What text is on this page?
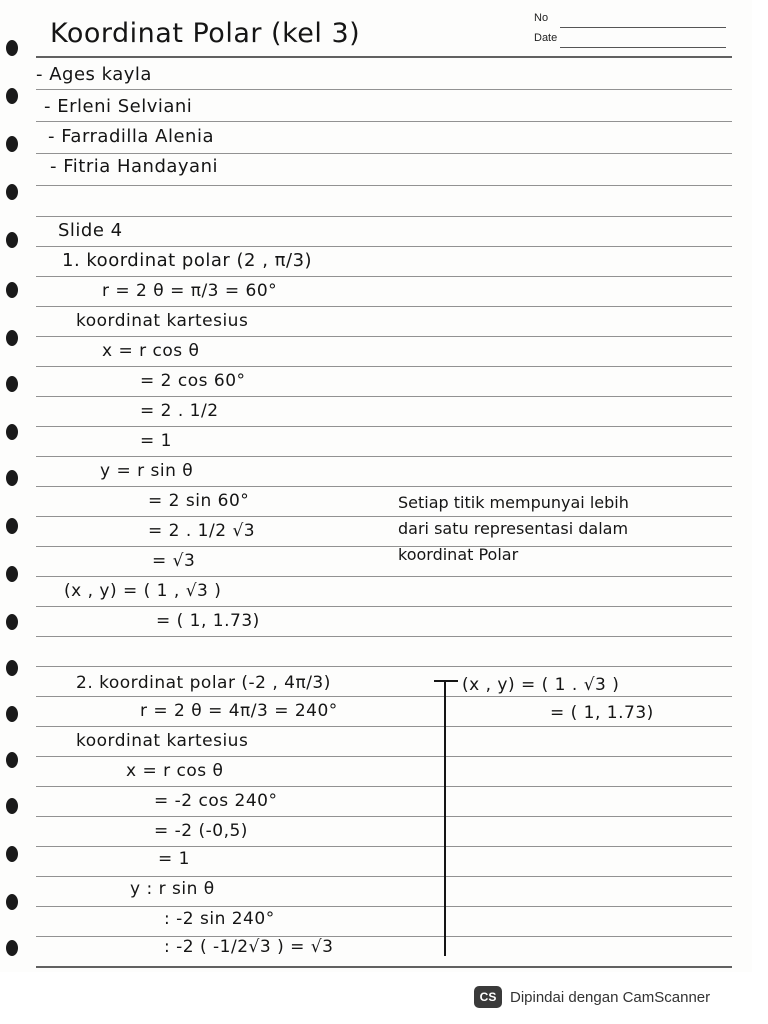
Koordinat Polar (kel 3)	No
Date
- Ages kayla
- Erleni Selviani
- Farradilla Alenia
- Fitria Handayani
Slide 4
1. koordinat polar (2 , π/3)
r = 2 θ = π/3 = 60°
koordinat kartesius
x = r cos θ
= 2 cos 60°
= 2 . 1/2
= 1
y = r sin θ
= 2 sin 60°
= 2 . 1/2 √3
= √3
(x , y) = ( 1 , √3 )
= ( 1, 1.73)
Setiap titik mempunyai lebih
dari satu representasi dalam
koordinat Polar
2. koordinat polar (-2 , 4π/3)
r = 2 θ = 4π/3 = 240°
koordinat kartesius
x = r cos θ
= -2 cos 240°
= -2 (-0,5)
= 1
y : r sin θ
: -2 sin 240°
: -2 ( -1/2√3 ) = √3
(x , y) = ( 1 . √3 )
= ( 1, 1.73)
CS Dipindai dengan CamScanner
